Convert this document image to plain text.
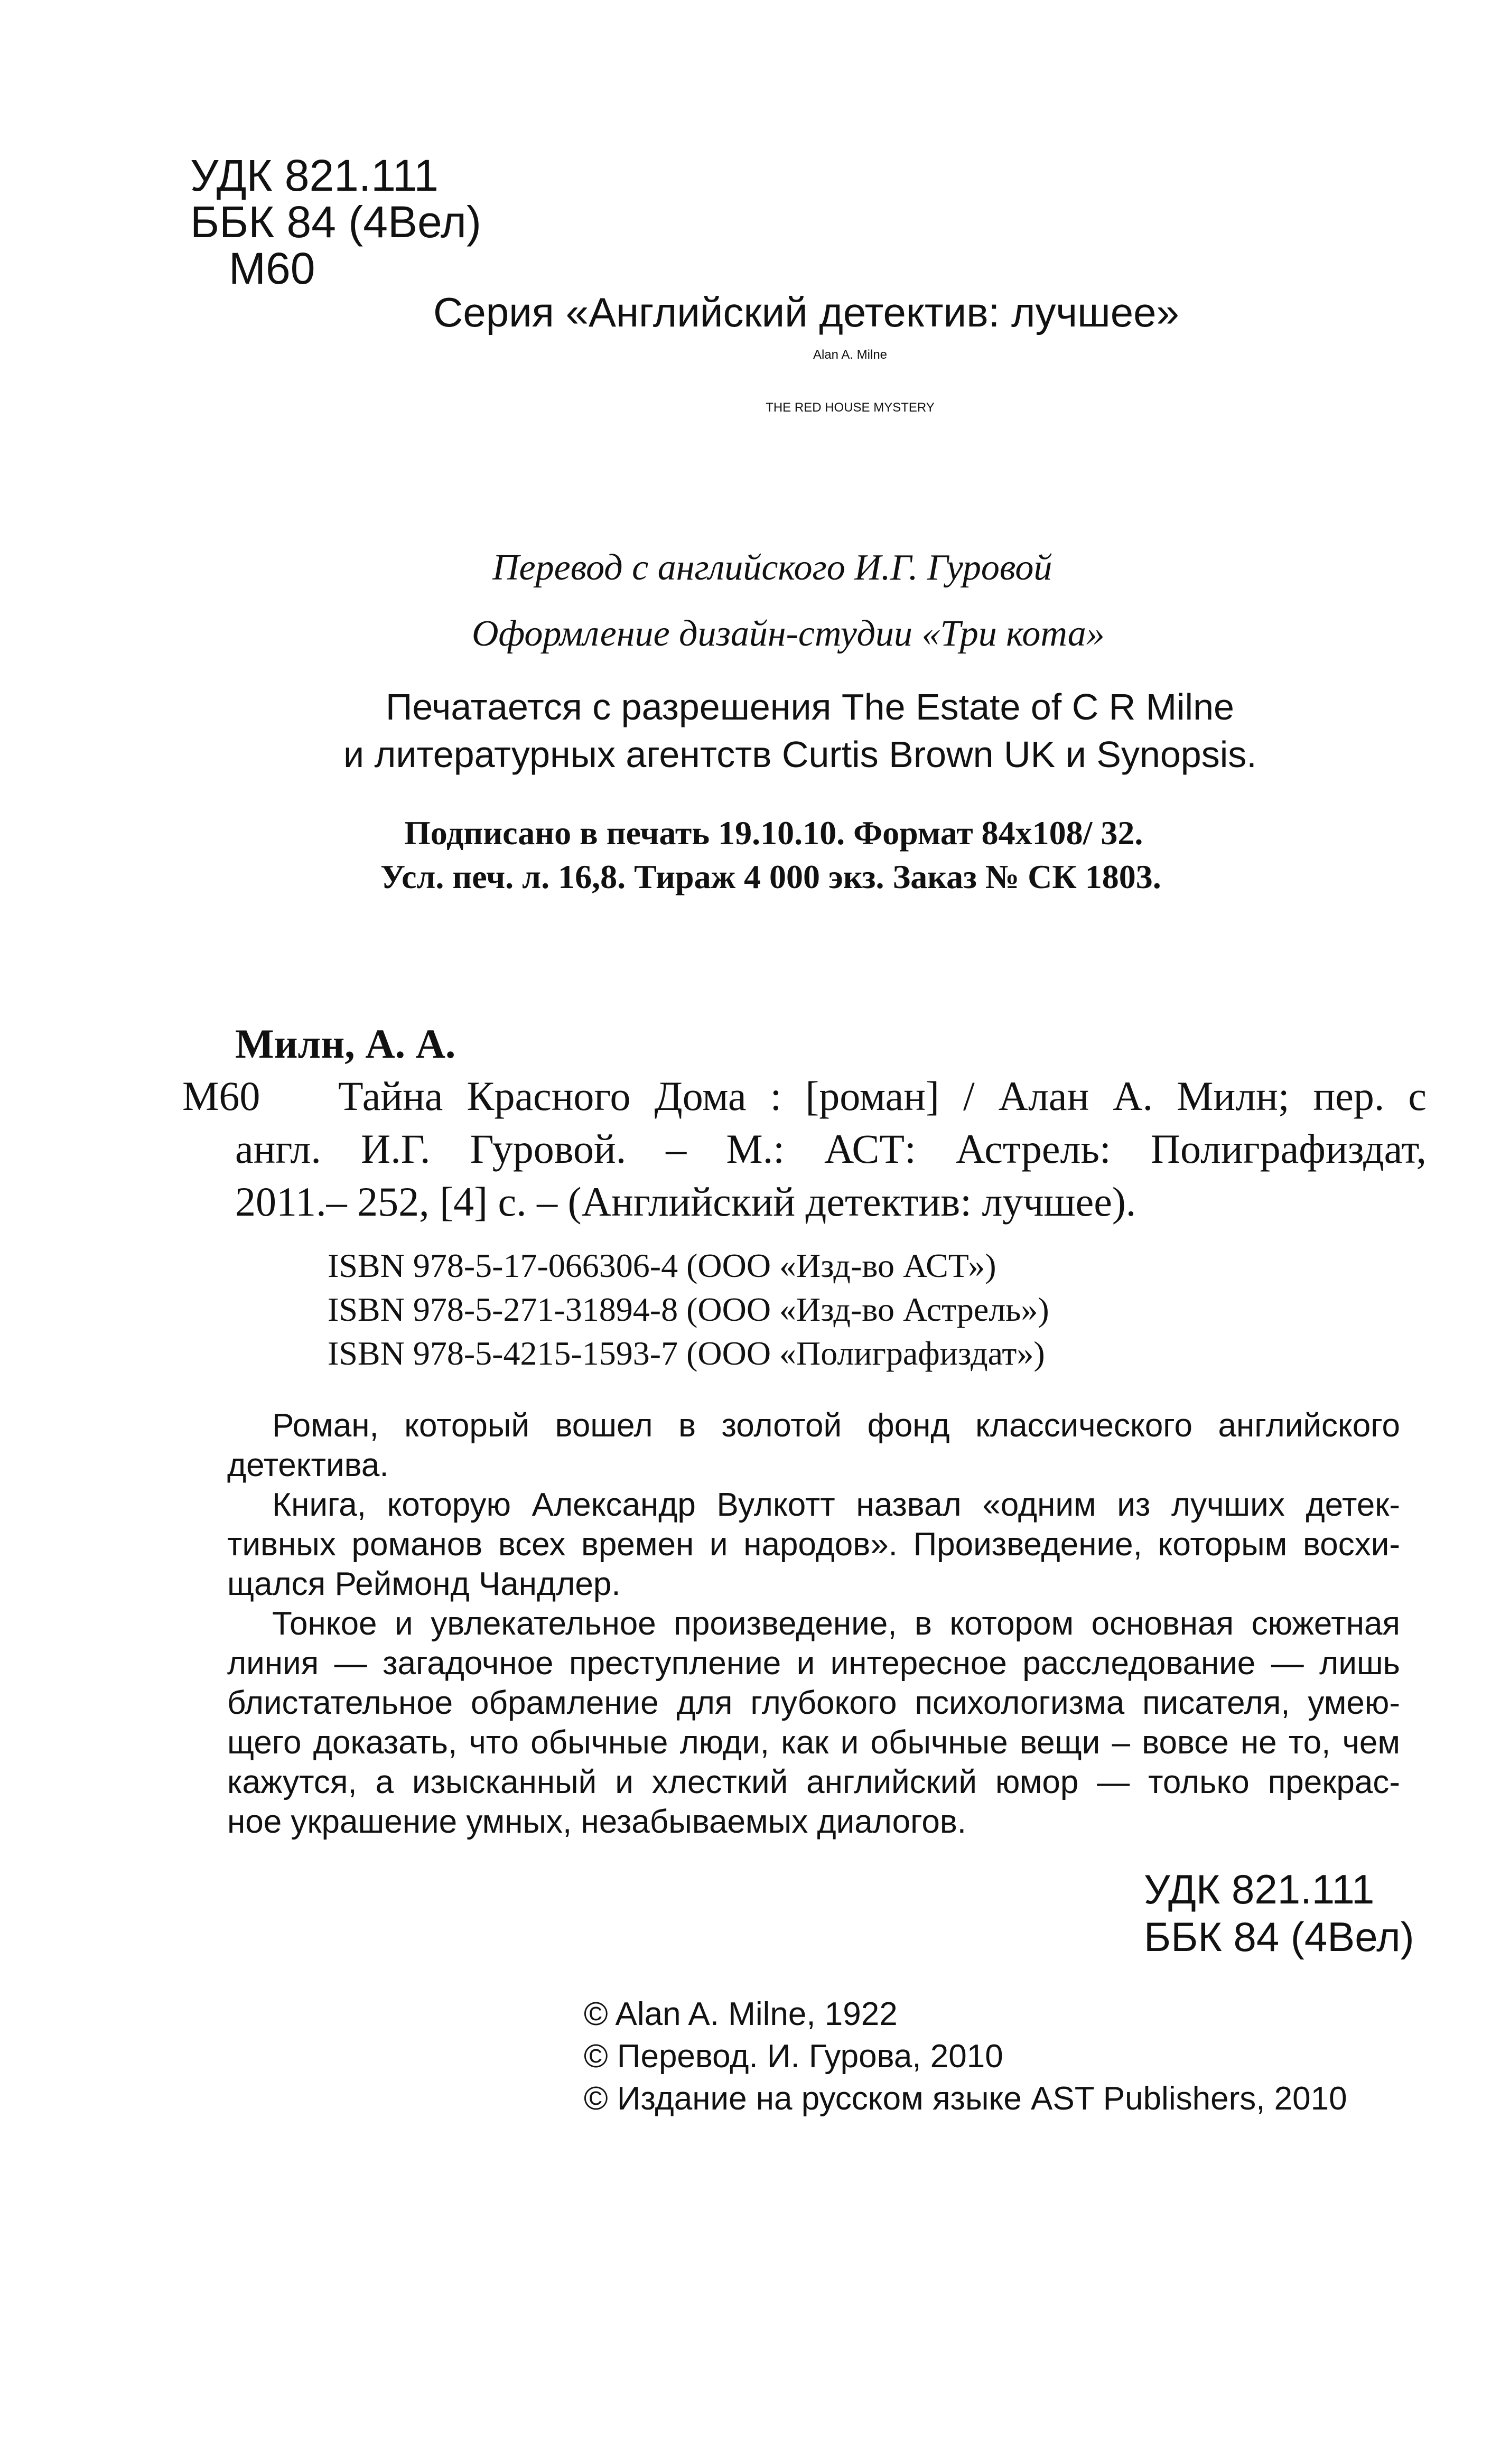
УДК 821.111
ББК 84 (4Вел)
М60
Серия «Английский детектив: лучшее»
Alan A. Milne
THE RED HOUSE MYSTERY
Перевод с английского И.Г. Гуровой
Оформление дизайн-студии «Три кота»
Печатается с разрешения The Estate of C R Milne
и литературных агентств Curtis Brown UK и Synopsis.
Подписано в печать 19.10.10. Формат 84x108/ 32.
Усл. печ. л. 16,8. Тираж 4 000 экз. Заказ № СК 1803.
Милн, А. А.
М60 Тайна Красного Дома : [роман] / Алан А. Милн; пер. с
англ. И.Г. Гуровой. – М.: АСТ: Астрель: Полиграфиздат,
2011.– 252, [4] с. – (Английский детектив: лучшее).
ISBN 978-5-17-066306-4 (ООО «Изд-во АСТ»)
ISBN 978-5-271-31894-8 (ООО «Изд-во Астрель»)
ISBN 978-5-4215-1593-7 (ООО «Полиграфиздат»)
Роман, который вошел в золотой фонд классического английского
детектива.
Книга, которую Александр Вулкотт назвал «одним из лучших детек-
тивных романов всех времен и народов». Произведение, которым восхи-
щался Реймонд Чандлер.
Тонкое и увлекательное произведение, в котором основная сюжетная
линия — загадочное преступление и интересное расследование — лишь
блистательное обрамление для глубокого психологизма писателя, умею-
щего доказать, что обычные люди, как и обычные вещи – вовсе не то, чем
кажутся, а изысканный и хлесткий английский юмор — только прекрас-
ное украшение умных, незабываемых диалогов.
УДК 821.111
ББК 84 (4Вел)
© Alan A. Milne, 1922
© Перевод. И. Гурова, 2010
© Издание на русском языке AST Publishers, 2010
